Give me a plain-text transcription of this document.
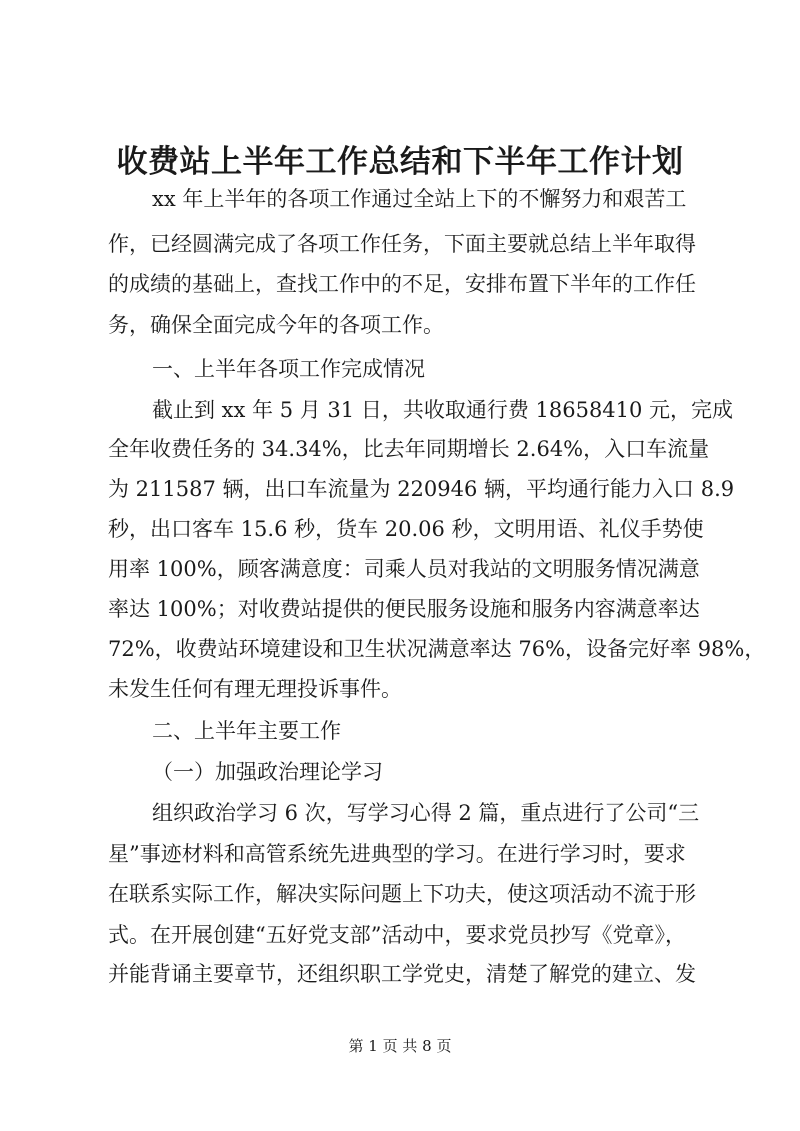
收费站上半年工作总结和下半年工作计划

xx 年上半年的各项工作通过全站上下的不懈努力和艰苦工

作，已经圆满完成了各项工作任务，下面主要就总结上半年取得

的成绩的基础上，查找工作中的不足，安排布置下半年的工作任

务，确保全面完成今年的各项工作。

一、上半年各项工作完成情况

截止到 xx 年 5 月 31 日，共收取通行费 18658410 元，完成

全年收费任务的 34.34%，比去年同期增长 2.64%，入口车流量

为 211587 辆，出口车流量为 220946 辆，平均通行能力入口 8.9

秒，出口客车 15.6 秒，货车 20.06 秒，文明用语、礼仪手势使

用率 100%，顾客满意度：司乘人员对我站的文明服务情况满意

率达 100%；对收费站提供的便民服务设施和服务内容满意率达

72%，收费站环境建设和卫生状况满意率达 76%，设备完好率 98%，

未发生任何有理无理投诉事件。

二、上半年主要工作

（一）加强政治理论学习

组织政治学习 6 次，写学习心得 2 篇，重点进行了公司“三

星”事迹材料和高管系统先进典型的学习。在进行学习时，要求

在联系实际工作，解决实际问题上下功夫，使这项活动不流于形

式。在开展创建“五好党支部”活动中，要求党员抄写《党章》，

并能背诵主要章节，还组织职工学党史，清楚了解党的建立、发

第 1 页 共 8 页
